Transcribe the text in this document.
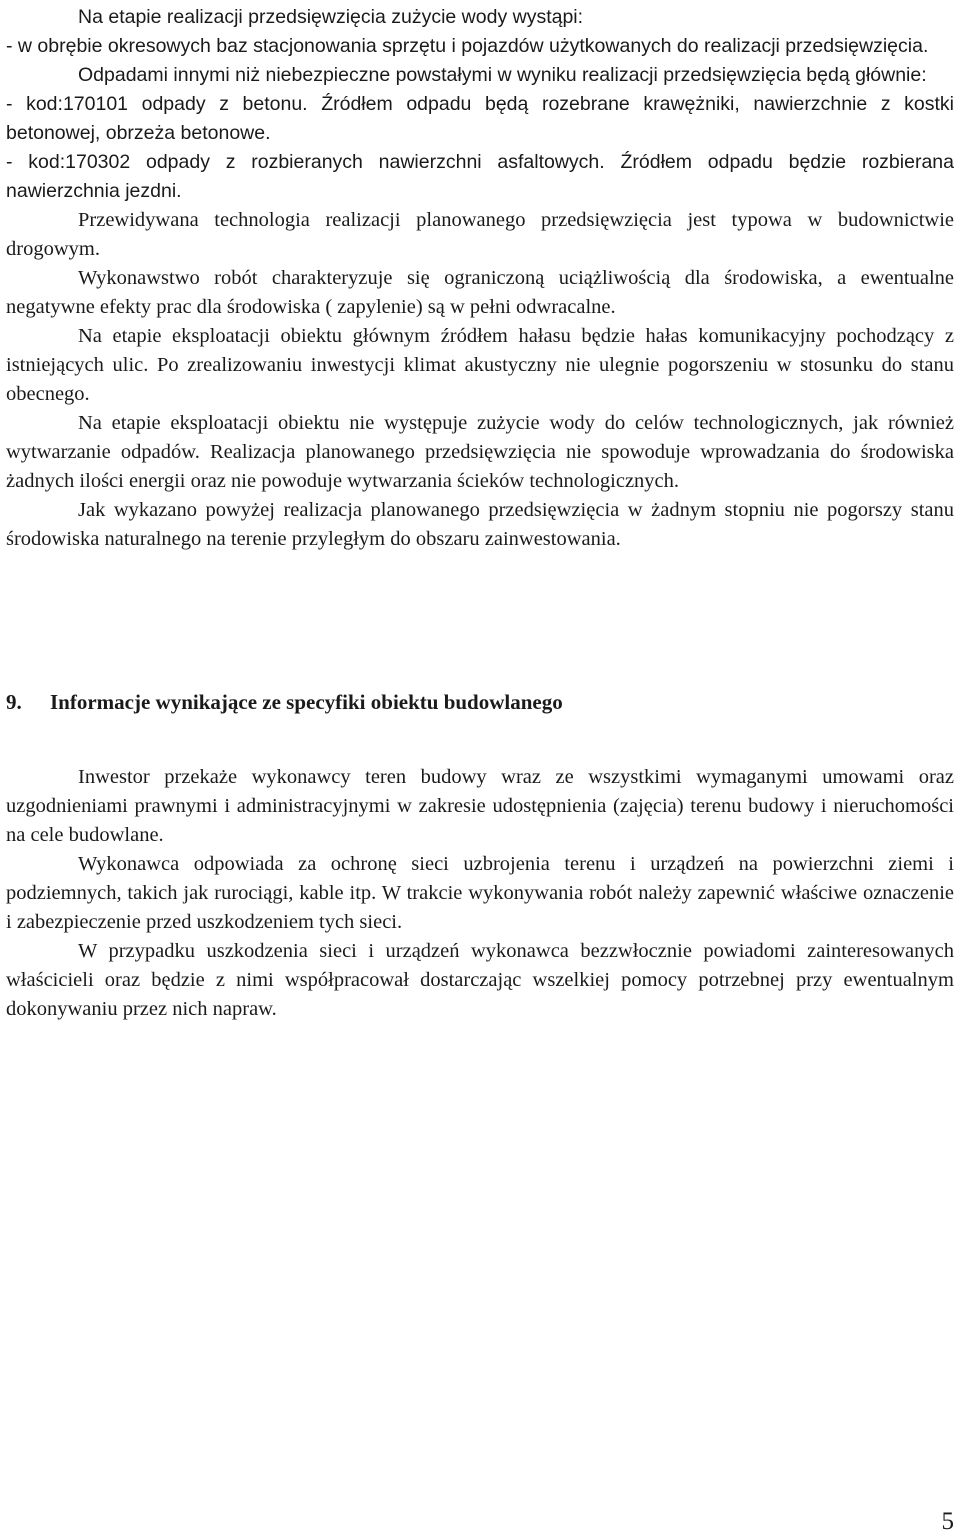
Na etapie realizacji przedsięwzięcia zużycie wody wystąpi:

- w obrębie okresowych baz stacjonowania sprzętu i pojazdów użytkowanych do realizacji przedsięwzięcia.

Odpadami innymi niż niebezpieczne powstałymi w wyniku realizacji przedsięwzięcia będą głównie:

- kod:170101 odpady z betonu. Źródłem odpadu będą rozebrane krawężniki, nawierzchnie z kostki betonowej, obrzeża betonowe.

- kod:170302 odpady z rozbieranych nawierzchni asfaltowych. Źródłem odpadu będzie rozbierana nawierzchnia jezdni.

Przewidywana technologia realizacji planowanego przedsięwzięcia jest typowa w budownictwie drogowym.

Wykonawstwo robót charakteryzuje się ograniczoną uciążliwością dla środowiska, a ewentualne negatywne efekty prac dla środowiska ( zapylenie) są w pełni odwracalne.

Na etapie eksploatacji obiektu głównym źródłem hałasu będzie hałas komunikacyjny pochodzący z istniejących ulic. Po zrealizowaniu inwestycji klimat akustyczny nie ulegnie pogorszeniu w stosunku do stanu obecnego.

Na etapie eksploatacji obiektu nie występuje zużycie wody do celów technologicznych, jak również wytwarzanie odpadów. Realizacja planowanego przedsięwzięcia nie spowoduje wprowadzania do środowiska żadnych ilości energii oraz nie powoduje wytwarzania ścieków technologicznych.

Jak wykazano powyżej realizacja planowanego przedsięwzięcia w żadnym stopniu nie pogorszy stanu środowiska naturalnego na terenie przyległym do obszaru zainwestowania.

9. Informacje wynikające ze specyfiki obiektu budowlanego

Inwestor przekaże wykonawcy teren budowy wraz ze wszystkimi wymaganymi umowami oraz uzgodnieniami prawnymi i administracyjnymi w zakresie udostępnienia (zajęcia) terenu budowy i nieruchomości na cele budowlane.

Wykonawca odpowiada za ochronę sieci uzbrojenia terenu i urządzeń na powierzchni ziemi i podziemnych, takich jak rurociągi, kable itp. W trakcie wykonywania robót należy zapewnić właściwe oznaczenie i zabezpieczenie przed uszkodzeniem tych sieci.

W przypadku uszkodzenia sieci i urządzeń wykonawca bezzwłocznie powiadomi zainteresowanych właścicieli oraz będzie z nimi współpracował dostarczając wszelkiej pomocy potrzebnej przy ewentualnym dokonywaniu przez nich napraw.

5
